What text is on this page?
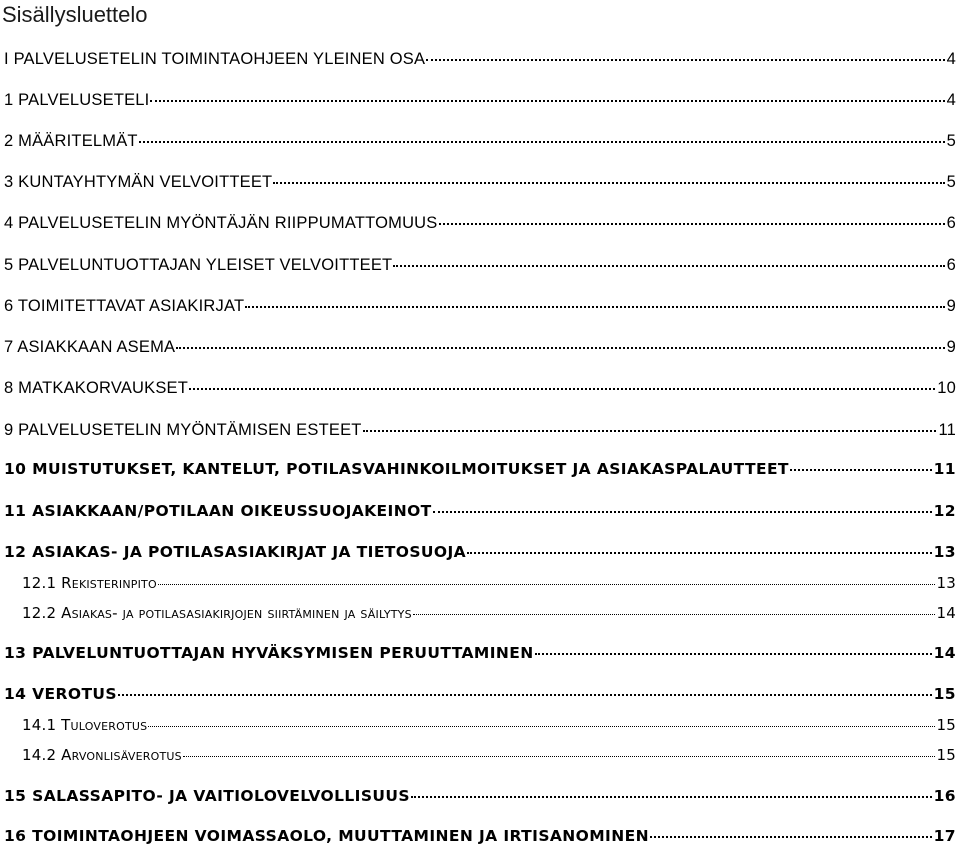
Sisällysluettelo
I PALVELUSETELIN TOIMINTAOHJEEN YLEINEN OSA	4
1 PALVELUSETELI	4
2 MÄÄRITELMÄT	5
3 KUNTAYHTYMÄN VELVOITTEET	5
4 PALVELUSETELIN MYÖNTÄJÄN RIIPPUMATTOMUUS	6
5 PALVELUNTUOTTAJAN YLEISET VELVOITTEET	6
6 TOIMITETTAVAT ASIAKIRJAT	9
7 ASIAKKAAN ASEMA	9
8 MATKAKORVAUKSET	10
9 PALVELUSETELIN MYÖNTÄMISEN ESTEET	11
10 MUISTUTUKSET, KANTELUT, POTILASVAHINKOILMOITUKSET JA ASIAKASPALAUTTEET	11
11 ASIAKKAAN/POTILAAN OIKEUSSUOJAKEINOT	12
12 ASIAKAS- JA POTILASASIAKIRJAT JA TIETOSUOJA	13
12.1 Rekisterinpito	13
12.2 Asiakas- ja potilasasiakirjojen siirtäminen ja säilytys	14
13 PALVELUNTUOTTAJAN HYVÄKSYMISEN PERUUTTAMINEN	14
14 VEROTUS	15
14.1 Tuloverotus	15
14.2 Arvonlisäverotus	15
15 SALASSAPITO- JA VAITIOLOVELVOLLISUUS	16
16 TOIMINTAOHJEEN VOIMASSAOLO, MUUTTAMINEN JA IRTISANOMINEN	17
